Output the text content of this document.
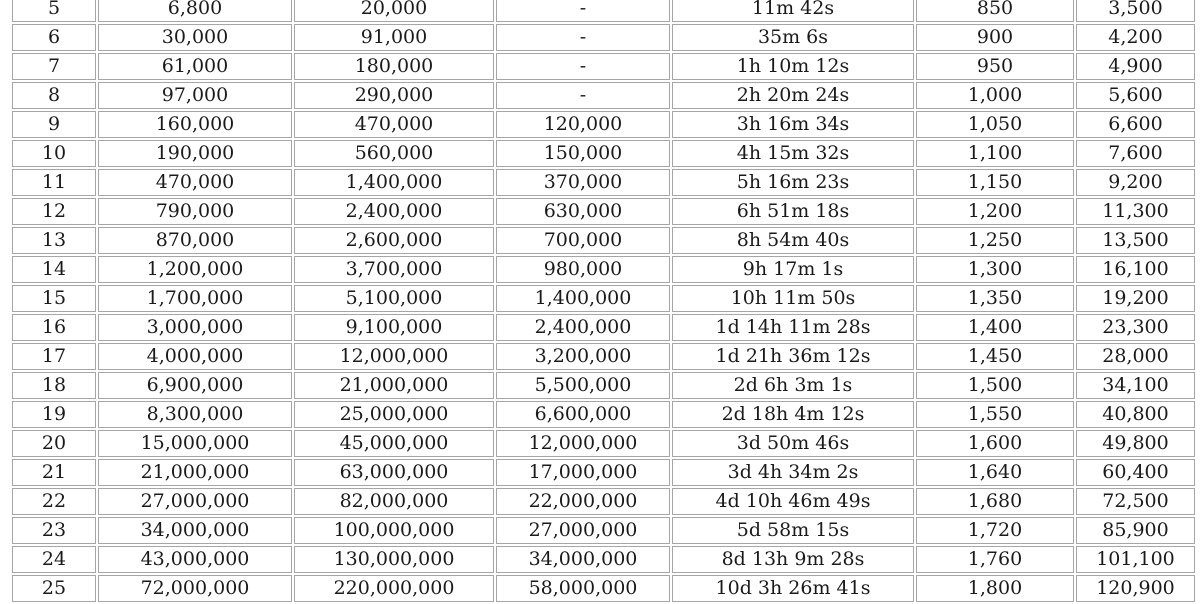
5	6,800	20,000	-	11m 42s	850	3,500
6	30,000	91,000	-	35m 6s	900	4,200
7	61,000	180,000	-	1h 10m 12s	950	4,900
8	97,000	290,000	-	2h 20m 24s	1,000	5,600
9	160,000	470,000	120,000	3h 16m 34s	1,050	6,600
10	190,000	560,000	150,000	4h 15m 32s	1,100	7,600
11	470,000	1,400,000	370,000	5h 16m 23s	1,150	9,200
12	790,000	2,400,000	630,000	6h 51m 18s	1,200	11,300
13	870,000	2,600,000	700,000	8h 54m 40s	1,250	13,500
14	1,200,000	3,700,000	980,000	9h 17m 1s	1,300	16,100
15	1,700,000	5,100,000	1,400,000	10h 11m 50s	1,350	19,200
16	3,000,000	9,100,000	2,400,000	1d 14h 11m 28s	1,400	23,300
17	4,000,000	12,000,000	3,200,000	1d 21h 36m 12s	1,450	28,000
18	6,900,000	21,000,000	5,500,000	2d 6h 3m 1s	1,500	34,100
19	8,300,000	25,000,000	6,600,000	2d 18h 4m 12s	1,550	40,800
20	15,000,000	45,000,000	12,000,000	3d 50m 46s	1,600	49,800
21	21,000,000	63,000,000	17,000,000	3d 4h 34m 2s	1,640	60,400
22	27,000,000	82,000,000	22,000,000	4d 10h 46m 49s	1,680	72,500
23	34,000,000	100,000,000	27,000,000	5d 58m 15s	1,720	85,900
24	43,000,000	130,000,000	34,000,000	8d 13h 9m 28s	1,760	101,100
25	72,000,000	220,000,000	58,000,000	10d 3h 26m 41s	1,800	120,900
